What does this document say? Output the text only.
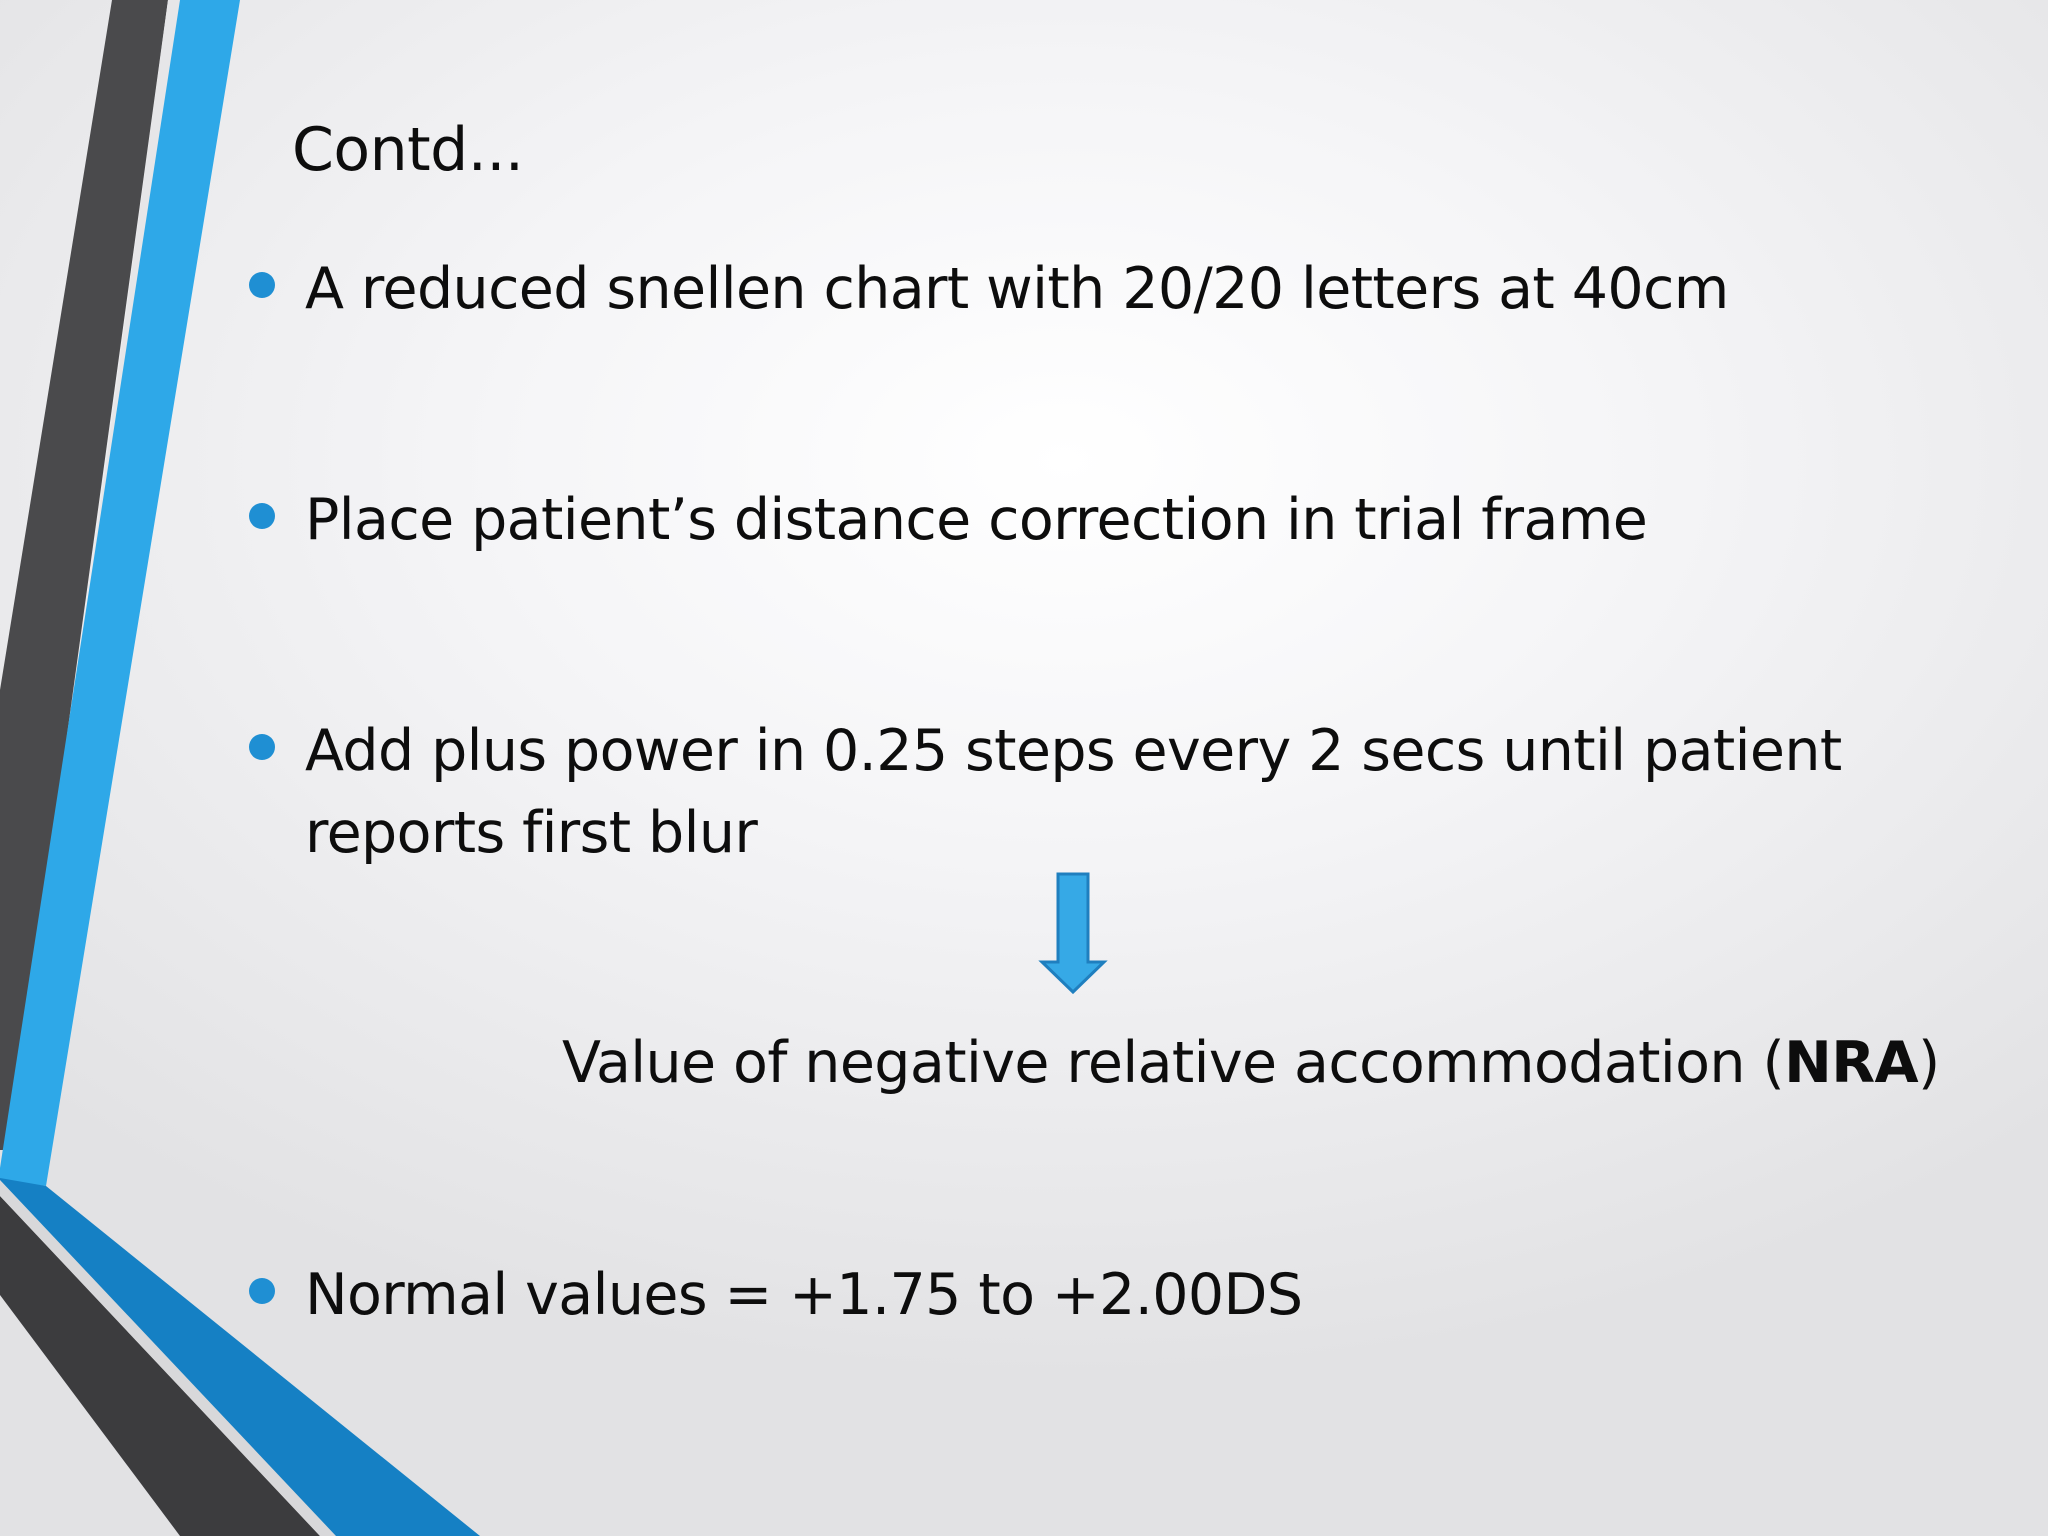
Contd...
A reduced snellen chart with 20/20 letters at 40cm
Place patient’s distance correction in trial frame
Add plus power in 0.25 steps every 2 secs until patient
reports first blur
Value of negative relative accommodation (NRA)
Normal values = +1.75 to +2.00DS
